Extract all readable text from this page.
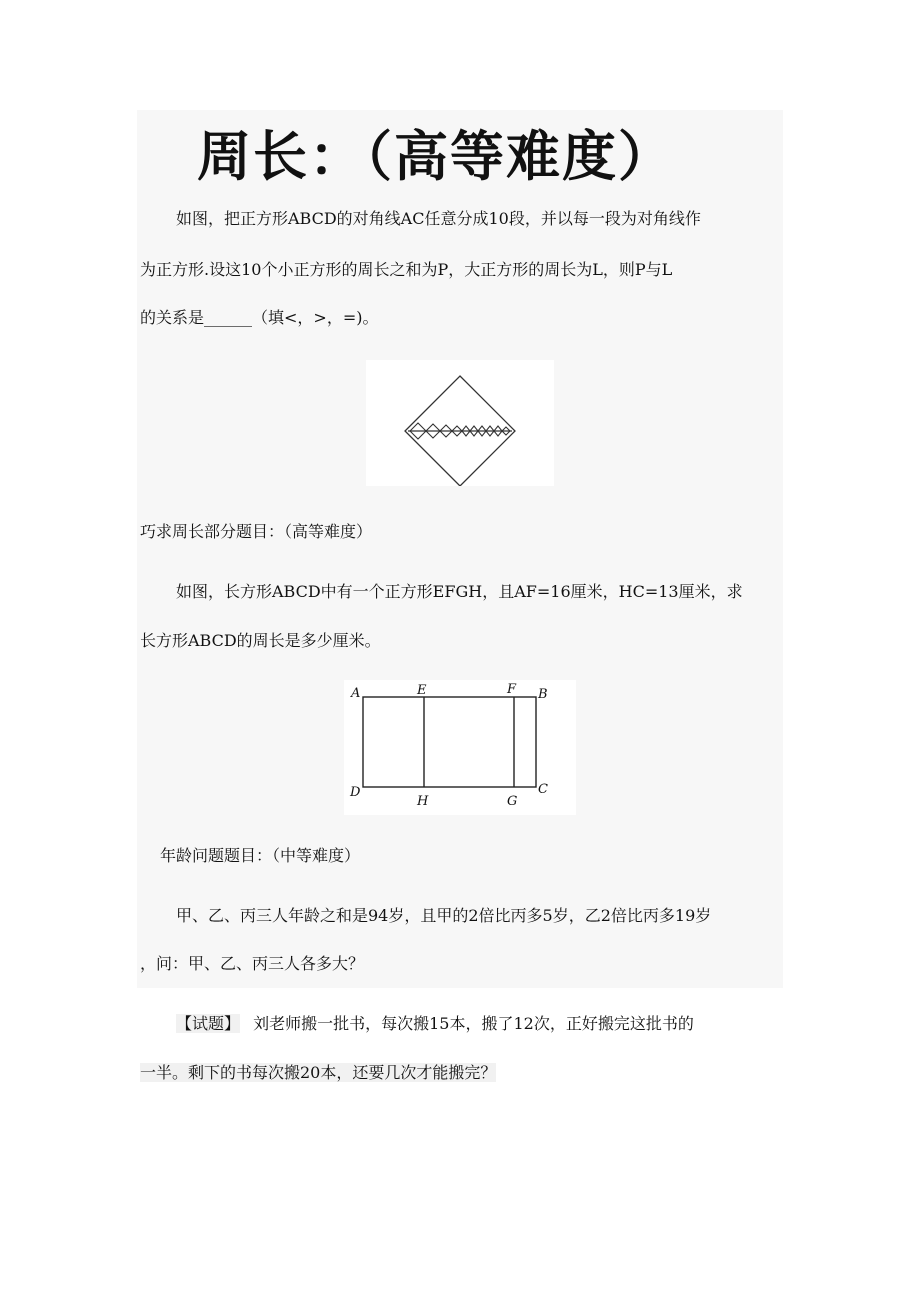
周长：（高等难度）
如图，把正方形ABCD的对角线AC任意分成10段，并以每一段为对角线作
为正方形.设这10个小正方形的周长之和为P，大正方形的周长为L，则P与L
的关系是______（填<，>，=)。
巧求周长部分题目：（高等难度）
如图，长方形ABCD中有一个正方形EFGH，且AF=16厘米，HC=13厘米，求
长方形ABCD的周长是多少厘米。
A	E	F B
D
H	G
C
年龄问题题目：（中等难度）
甲、乙、丙三人年龄之和是94岁，且甲的2倍比丙多5岁，乙2倍比丙多19岁
，问：甲、乙、丙三人各多大？
【试题】 刘老师搬一批书，每次搬15本，搬了12次，正好搬完这批书的
一半。剩下的书每次搬20本，还要几次才能搬完？
